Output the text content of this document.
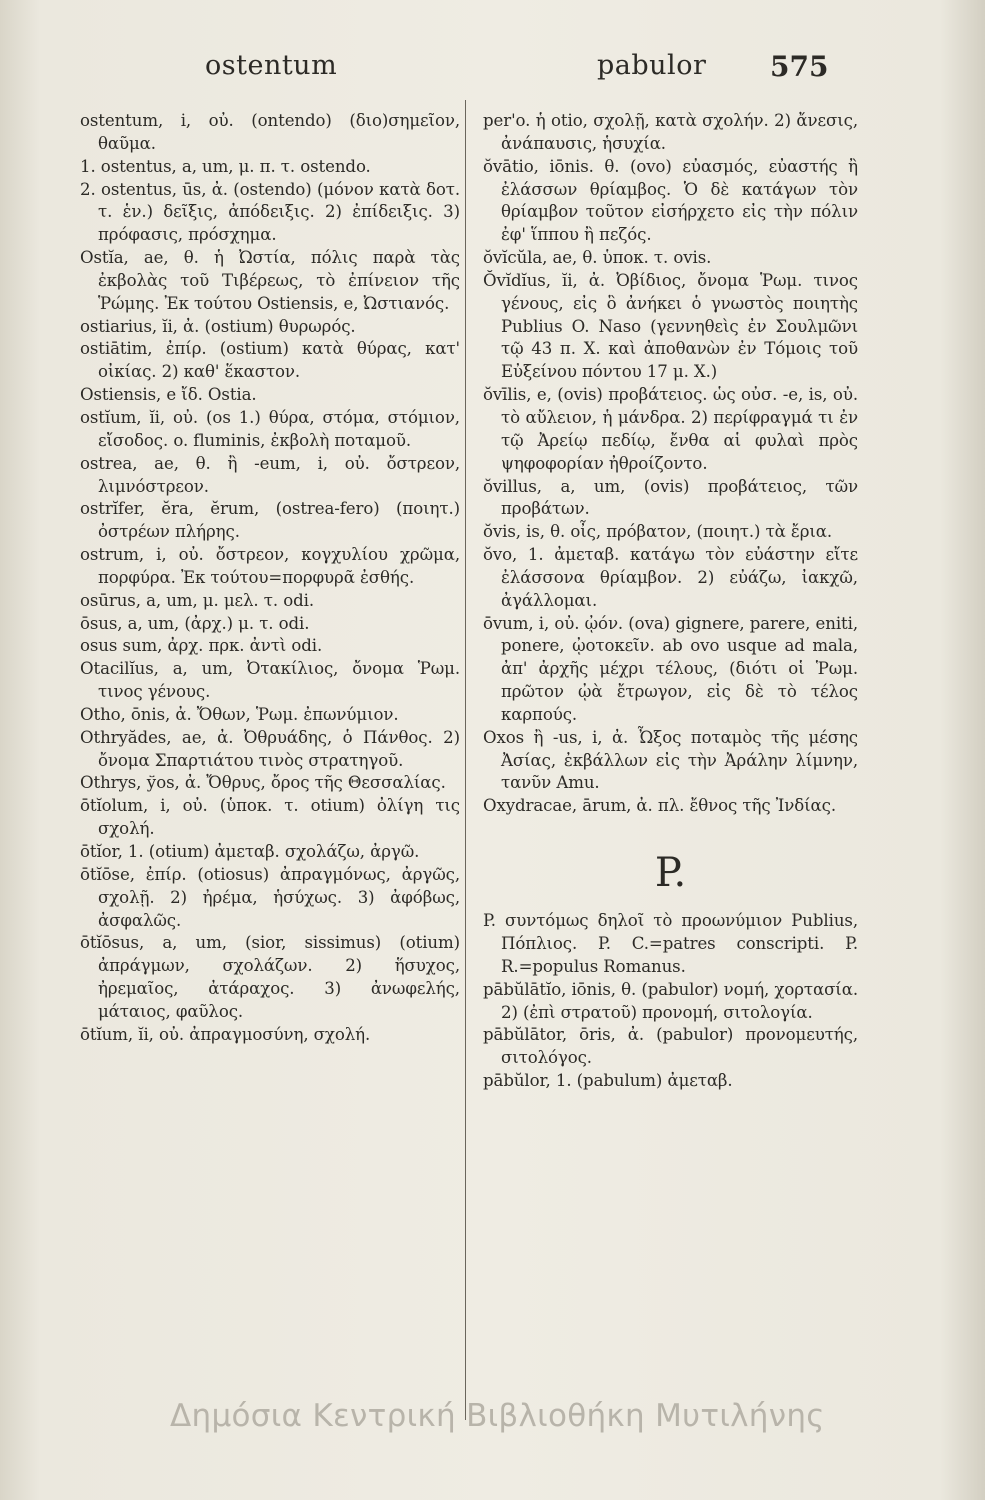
ostentum	pabulor 575

ostentum, i, οὐ. (ontendo) (διο)σημεῖον, θαῦμα.

1. ostentus, a, um, μ. π. τ. ostendo.

2. ostentus, ūs, ἀ. (ostendo) (μόνον κατὰ δοτ. τ. ἑν.) δεῖξις, ἀπόδειξις. 2) ἐπίδειξις. 3) πρόφασις, πρόσχημα.

Ostĭa, ae, θ. ἡ Ὠστία, πόλις παρὰ τὰς ἐκβολὰς τοῦ Τιβέρεως, τὸ ἐπίνειον τῆς Ῥώμης. Ἐκ τούτου Ostiensis, e, Ὠστιανός.

ostiarius, ĭi, ἀ. (ostium) θυρωρός.

ostiātim, ἐπίρ. (ostium) κατὰ θύρας, κατ' οἰκίας. 2) καθ' ἕκαστον.

Ostiensis, e ἴδ. Ostia.

ostĭum, ĭi, οὐ. (os 1.) θύρα, στόμα, στόμιον, εἴσοδος. o. fluminis, ἐκβολὴ ποταμοῦ.

ostrea, ae, θ. ἢ -eum, i, οὐ. ὄστρεον, λιμνόστρεον.

ostrĭfer, ĕra, ĕrum, (ostrea-fero) (ποιητ.) ὀστρέων πλήρης.

ostrum, i, οὐ. ὄστρεον, κογχυλίου χρῶμα, πορφύρα. Ἐκ τούτου=πορφυρᾶ ἐσθής.

osūrus, a, um, μ. μελ. τ. odi.

ōsus, a, um, (ἀρχ.) μ. τ. odi.

osus sum, ἀρχ. πρκ. ἀντὶ odi.

Otacilĭus, a, um, Ὀτακίλιος, ὄνομα Ῥωμ. τινος γένους.

Otho, ōnis, ἀ. Ὄθων, Ῥωμ. ἐπωνύμιον.

Othryădes, ae, ἀ. Ὀθρυάδης, ὁ Πάνθος. 2) ὄνομα Σπαρτιάτου τινὸς στρατηγοῦ.

Othrys, ўos, ἀ. Ὄθρυς, ὄρος τῆς Θεσσαλίας.

ōtĭolum, i, οὐ. (ὑποκ. τ. otium) ὀλίγη τις σχολή.

ōtĭor, 1. (otium) ἀμεταβ. σχολάζω, ἀργῶ.

ōtĭōse, ἐπίρ. (otiosus) ἀπραγμόνως, ἀργῶς, σχολῇ. 2) ἠρέμα, ἡσύχως. 3) ἀφόβως, ἀσφαλῶς.

ōtĭōsus, a, um, (sior, sissimus) (otium) ἀπράγμων, σχολάζων. 2) ἥσυχος, ἠρεμαῖος, ἀτάραχος. 3) ἀνωφελής, μάταιος, φαῦλος.

ōtĭum, ĭi, οὐ. ἀπραγμοσύνη, σχολή.

per'o. ἡ otio, σχολῇ, κατὰ σχολήν. 2) ἄνεσις, ἀνάπαυσις, ἡσυχία.

ŏvātio, iōnis. θ. (ovo) εὐασμός, εὐαστής ἢ ἐλάσσων θρίαμβος. Ὁ δὲ κατάγων τὸν θρίαμβον τοῦτον εἰσήρχετο εἰς τὴν πόλιν ἐφ' ἵππου ἢ πεζός.

ŏvĭcŭla, ae, θ. ὑποκ. τ. ovis.

Ŏvĭdĭus, ĭi, ἀ. Ὀβίδιος, ὄνομα Ῥωμ. τινος γένους, εἰς ὃ ἀνήκει ὁ γνωστὸς ποιητὴς Publius O. Naso (γεννηθεὶς ἐν Σουλμῶνι τῷ 43 π. X. καὶ ἀποθανὼν ἐν Τόμοις τοῦ Εὐξείνου πόντου 17 μ. X.)

ŏvīlis, e, (ovis) προβάτειος. ὡς οὐσ. -e, is, οὐ. τὸ αὔλειον, ἡ μάνδρα. 2) περίφραγμά τι ἐν τῷ Ἀρείῳ πεδίῳ, ἔνθα αἱ φυλαὶ πρὸς ψηφοφορίαν ἠθροίζοντο.

ŏvillus, a, um, (ovis) προβάτειος, τῶν προβάτων.

ŏvis, is, θ. οἶς, πρόβατον, (ποιητ.) τὰ ἔρια.

ŏvo, 1. ἀμεταβ. κατάγω τὸν εὐάστην εἴτε ἐλάσσονα θρίαμβον. 2) εὐάζω, ἰακχῶ, ἀγάλλομαι.

ōvum, i, οὐ. ᾠόν. (ova) gignere, parere, eniti, ponere, ᾠοτοκεῖν. ab ovo usque ad mala, ἀπ' ἀρχῆς μέχρι τέλους, (διότι οἱ Ῥωμ. πρῶτον ᾠὰ ἔτρωγον, εἰς δὲ τὸ τέλος καρπούς.

Oxos ἢ -us, i, ἀ. Ὦξος ποταμὸς τῆς μέσης Ἀσίας, ἐκβάλλων εἰς τὴν Ἀράλην λίμνην, τανῦν Amu.

Oxydracae, ārum, ἀ. πλ. ἔθνος τῆς Ἰνδίας.

P.

P. συντόμως δηλοῖ τὸ προωνύμιον Publius, Πόπλιος. P. C.=patres conscripti. P. R.=populus Romanus.

pābŭlātĭo, iōnis, θ. (pabulor) νομή, χορτασία. 2) (ἐπὶ στρατοῦ) προνομή, σιτολογία.

pābŭlātor, ōris, ἀ. (pabulor) προνομευτής, σιτολόγος.

pābŭlor, 1. (pabulum) ἀμεταβ.

Δημόσια Κεντρική Βιβλιοθήκη Μυτιλήνης
